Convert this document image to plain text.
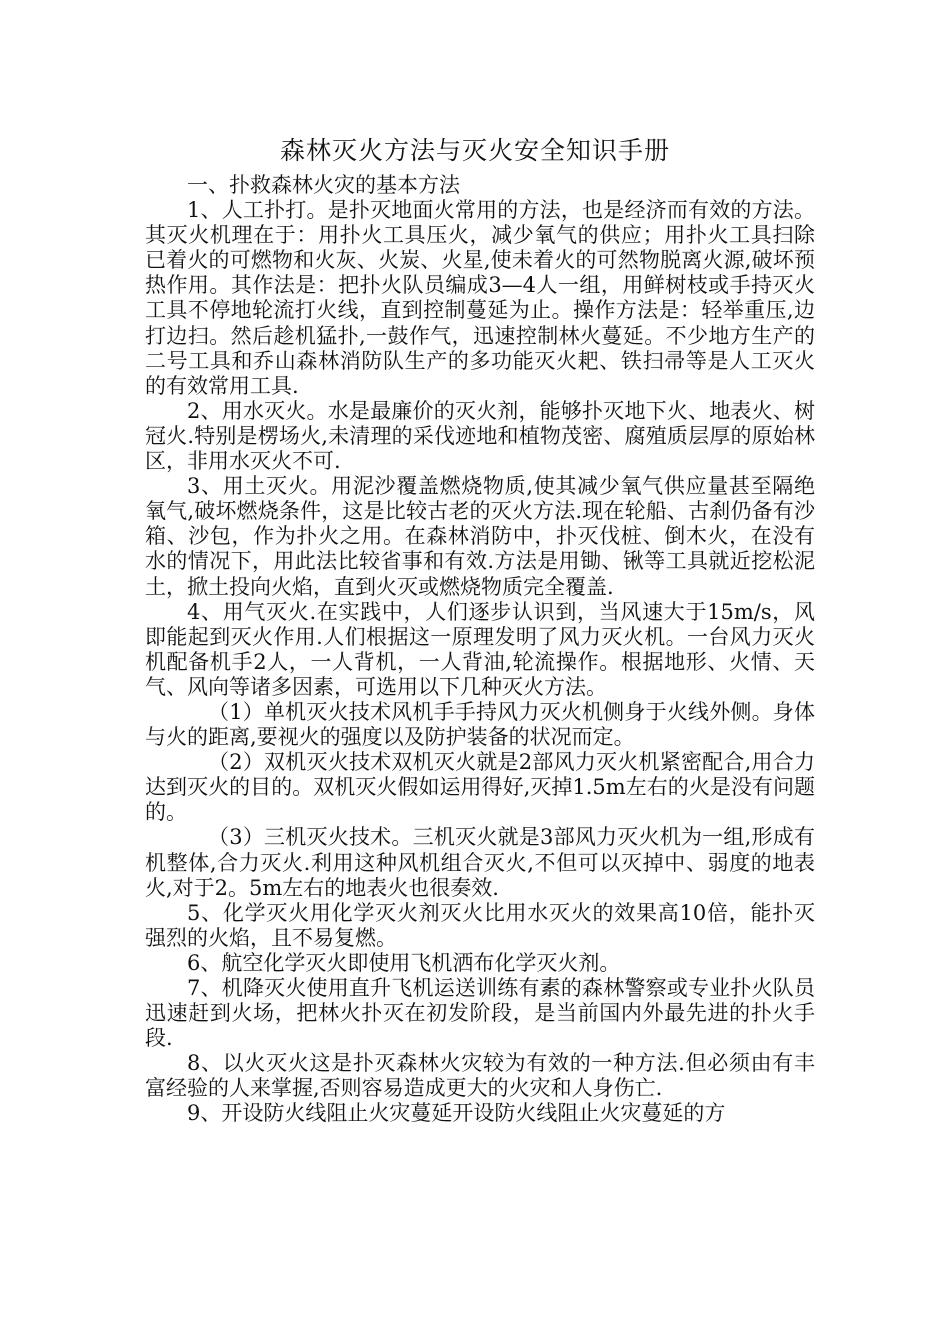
森林灭火方法与灭火安全知识手册

一、扑救森林火灾的基本方法

1、人工扑打。是扑灭地面火常用的方法，也是经济而有效的方法。其灭火机理在于：用扑火工具压火，减少氧气的供应；用扑火工具扫除已着火的可燃物和火灰、火炭、火星,使未着火的可然物脱离火源,破坏预热作用。其作法是：把扑火队员编成3—4人一组，用鲜树枝或手持灭火工具不停地轮流打火线，直到控制蔓延为止。操作方法是：轻举重压,边打边扫。然后趁机猛扑,一鼓作气，迅速控制林火蔓延。不少地方生产的二号工具和乔山森林消防队生产的多功能灭火耙、铁扫帚等是人工灭火的有效常用工具.

2、用水灭火。水是最廉价的灭火剂，能够扑灭地下火、地表火、树冠火.特别是楞场火,未清理的采伐迹地和植物茂密、腐殖质层厚的原始林区，非用水灭火不可.

3、用土灭火。用泥沙覆盖燃烧物质,使其减少氧气供应量甚至隔绝氧气,破坏燃烧条件，这是比较古老的灭火方法.现在轮船、古刹仍备有沙箱、沙包，作为扑火之用。在森林消防中，扑灭伐桩、倒木火，在没有水的情况下，用此法比较省事和有效.方法是用锄、锹等工具就近挖松泥土，掀土投向火焰，直到火灭或燃烧物质完全覆盖.

4、用气灭火.在实践中，人们逐步认识到，当风速大于15m/s，风即能起到灭火作用.人们根据这一原理发明了风力灭火机。一台风力灭火机配备机手2人，一人背机，一人背油,轮流操作。根据地形、火情、天气、风向等诸多因素，可选用以下几种灭火方法。

（1）单机灭火技术风机手手持风力灭火机侧身于火线外侧。身体与火的距离,要视火的强度以及防护装备的状况而定。

（2）双机灭火技术双机灭火就是2部风力灭火机紧密配合,用合力达到灭火的目的。双机灭火假如运用得好,灭掉1.5m左右的火是没有问题的。

（3）三机灭火技术。三机灭火就是3部风力灭火机为一组,形成有机整体,合力灭火.利用这种风机组合灭火,不但可以灭掉中、弱度的地表火,对于2。5m左右的地表火也很奏效.

5、化学灭火用化学灭火剂灭火比用水灭火的效果高10倍，能扑灭强烈的火焰，且不易复燃。

6、航空化学灭火即使用飞机洒布化学灭火剂。

7、机降灭火使用直升飞机运送训练有素的森林警察或专业扑火队员迅速赶到火场，把林火扑灭在初发阶段，是当前国内外最先进的扑火手段.

8、以火灭火这是扑灭森林火灾较为有效的一种方法.但必须由有丰富经验的人来掌握,否则容易造成更大的火灾和人身伤亡.

9、开设防火线阻止火灾蔓延开设防火线阻止火灾蔓延的方
